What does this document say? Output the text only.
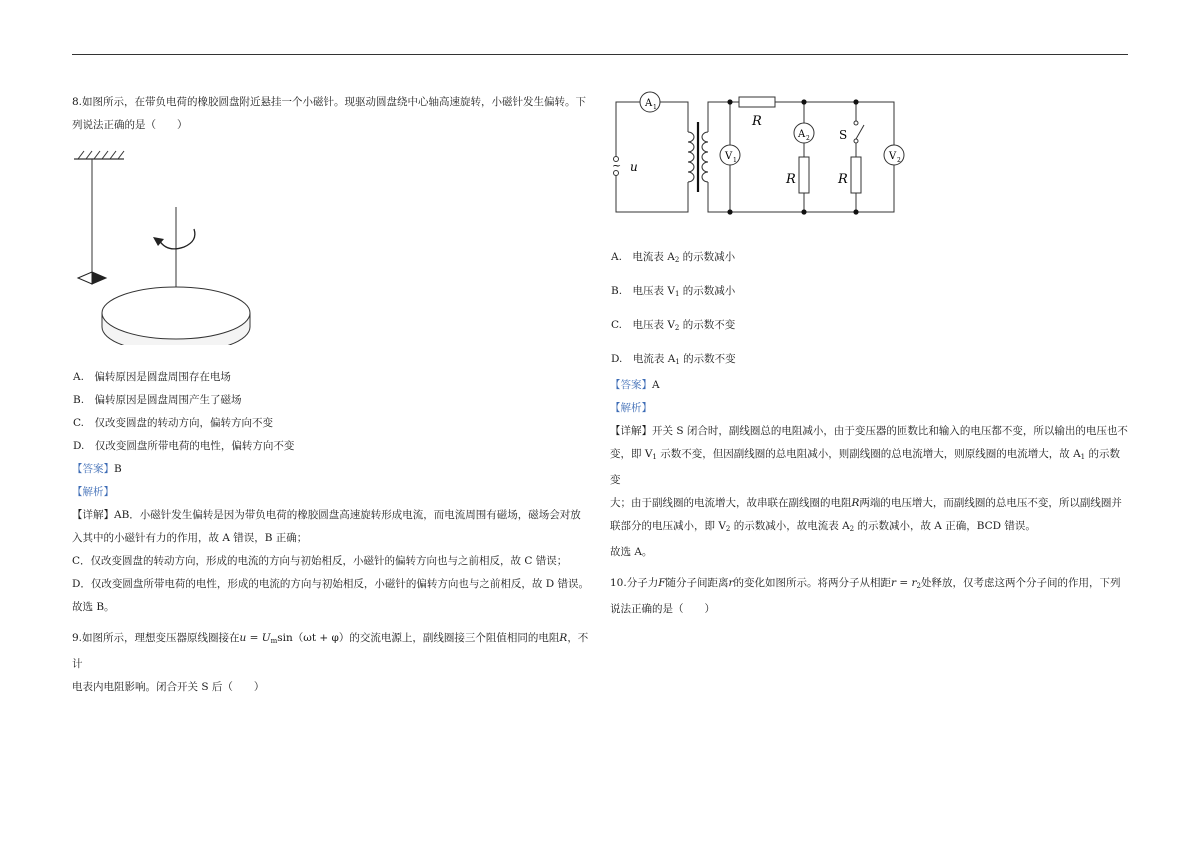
8.如图所示，在带负电荷的橡胶圆盘附近悬挂一个小磁针。现驱动圆盘绕中心轴高速旋转，小磁针发生偏转。下

列说法正确的是（　　）

A.　偏转原因是圆盘周围存在电场

B.　偏转原因是圆盘周围产生了磁场

C.　仅改变圆盘的转动方向，偏转方向不变

D.　仅改变圆盘所带电荷的电性，偏转方向不变

【答案】B

【解析】

【详解】AB．小磁针发生偏转是因为带负电荷的橡胶圆盘高速旋转形成电流，而电流周围有磁场，磁场会对放

入其中的小磁针有力的作用，故 A 错误，B 正确；

C．仅改变圆盘的转动方向，形成的电流的方向与初始相反，小磁针的偏转方向也与之前相反，故 C 错误；

D．仅改变圆盘所带电荷的电性，形成的电流的方向与初始相反，小磁针的偏转方向也与之前相反，故 D 错误。

故选 B。

9.如图所示，理想变压器原线圈接在$u = U_m\sin(\omega t + \varphi)$的交流电源上，副线圈接三个阻值相同的电阻R，不计

电表内电阻影响。闭合开关 S 后（　　）

A 1
~ u
V 1
R
A 2
R
S
R
V 2

A.　电流表 $A_2$ 的示数减小

B.　电压表 $V_1$ 的示数减小

C.　电压表 $V_2$ 的示数不变

D.　电流表 $A_1$ 的示数不变

【答案】A

【解析】

【详解】开关 S 闭合时，副线圈总的电阻减小，由于变压器的匝数比和输入的电压都不变，所以输出的电压也不

变，即 $V_1$ 示数不变，但因副线圈的总电阻减小，则副线圈的总电流增大，则原线圈的电流增大，故 $A_1$ 的示数变

大；由于副线圈的电流增大，故串联在副线圈的电阻R两端的电压增大，而副线圈的总电压不变，所以副线圈并

联部分的电压减小，即 $V_2$ 的示数减小，故电流表 $A_2$ 的示数减小，故 A 正确，BCD 错误。

故选 A。

10.分子力F随分子间距离r的变化如图所示。将两分子从相距$r = r_2$处释放，仅考虑这两个分子间的作用，下列

说法正确的是（　　）
